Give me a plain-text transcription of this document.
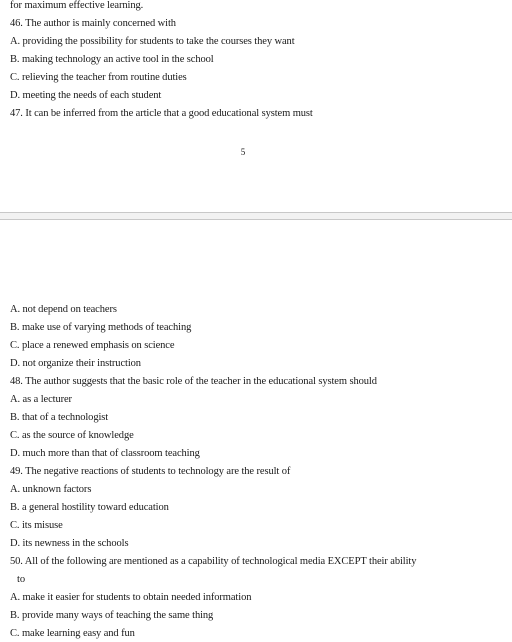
for maximum effective learning.
46. The author is mainly concerned with
A. providing the possibility for students to take the courses they want
B. making technology an active tool in the school
C. relieving the teacher from routine duties
D. meeting the needs of each student
47. It can be inferred from the article that a good educational system must
5
A. not depend on teachers
B. make use of varying methods of teaching
C. place a renewed emphasis on science
D. not organize their instruction
48. The author suggests that the basic role of the teacher in the educational system should
A. as a lecturer
B. that of a technologist
C. as the source of knowledge
D. much more than that of classroom teaching
49. The negative reactions of students to technology are the result of
A. unknown factors
B. a general hostility toward education
C. its misuse
D. its newness in the schools
50. All of the following are mentioned as a capability of technological media EXCEPT their ability
to
A. make it easier for students to obtain needed information
B. provide many ways of teaching the same thing
C. make learning easy and fun
